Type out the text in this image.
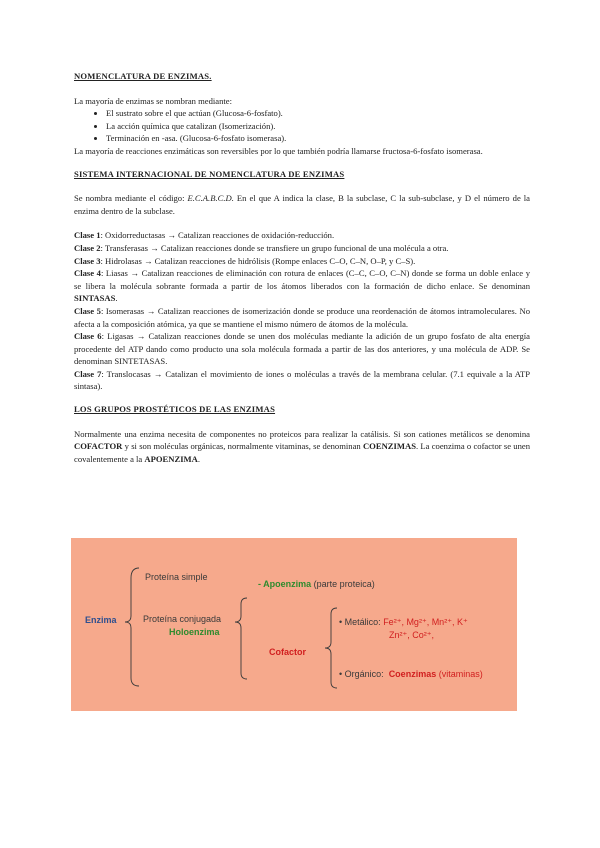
NOMENCLATURA DE ENZIMAS.

La mayoría de enzimas se nombran mediante:

• El sustrato sobre el que actúan (Glucosa-6-fosfato).
• La acción química que catalizan (Isomerización).
• Terminación en -asa. (Glucosa-6-fosfato isomerasa).

La mayoría de reacciones enzimáticas son reversibles por lo que también podría llamarse fructosa-6-fosfato isomerasa.

SISTEMA INTERNACIONAL DE NOMENCLATURA DE ENZIMAS

Se nombra mediante el código: E.C.A.B.C.D. En el que A indica la clase, B la subclase, C la sub-subclase, y D el número de la enzima dentro de la subclase.

Clase 1: Oxidorreductasas → Catalizan reacciones de oxidación-reducción.

Clase 2: Transferasas → Catalizan reacciones donde se transfiere un grupo funcional de una molécula a otra.

Clase 3: Hidrolasas → Catalizan reacciones de hidrólisis (Rompe enlaces C–O, C–N, O–P, y C–S).

Clase 4: Liasas → Catalizan reacciones de eliminación con rotura de enlaces (C–C, C–O, C–N) donde se forma un doble enlace y se libera la molécula sobrante formada a partir de los átomos liberados con la formación de dicho enlace. Se denominan SINTASAS.

Clase 5: Isomerasas → Catalizan reacciones de isomerización donde se produce una reordenación de átomos intramoleculares. No afecta a la composición atómica, ya que se mantiene el mismo número de átomos de la molécula.

Clase 6: Ligasas → Catalizan reacciones donde se unen dos moléculas mediante la adición de un grupo fosfato de alta energía procedente del ATP dando como producto una sola molécula formada a partir de las dos anteriores, y una molécula de ADP. Se denominan SINTETASAS.

Clase 7: Translocasas → Catalizan el movimiento de iones o moléculas a través de la membrana celular. (7.1 equivale a la ATP sintasa).

LOS GRUPOS PROSTÉTICOS DE LAS ENZIMAS

Normalmente una enzima necesita de componentes no proteicos para realizar la catálisis. Si son cationes metálicos se denomina COFACTOR y si son moléculas orgánicas, normalmente vitaminas, se denominan COENZIMAS. La coenzima o cofactor se unen covalentemente a la APOENZIMA.

Enzima
Proteína simple
Proteína conjugada
Holoenzima
- Apoenzima (parte proteica)
Cofactor
• Metálico: Fe²⁺, Mg²⁺, Mn²⁺, K⁺
Zn²⁺, Co²⁺,
• Orgánico: Coenzimas (vitaminas)
